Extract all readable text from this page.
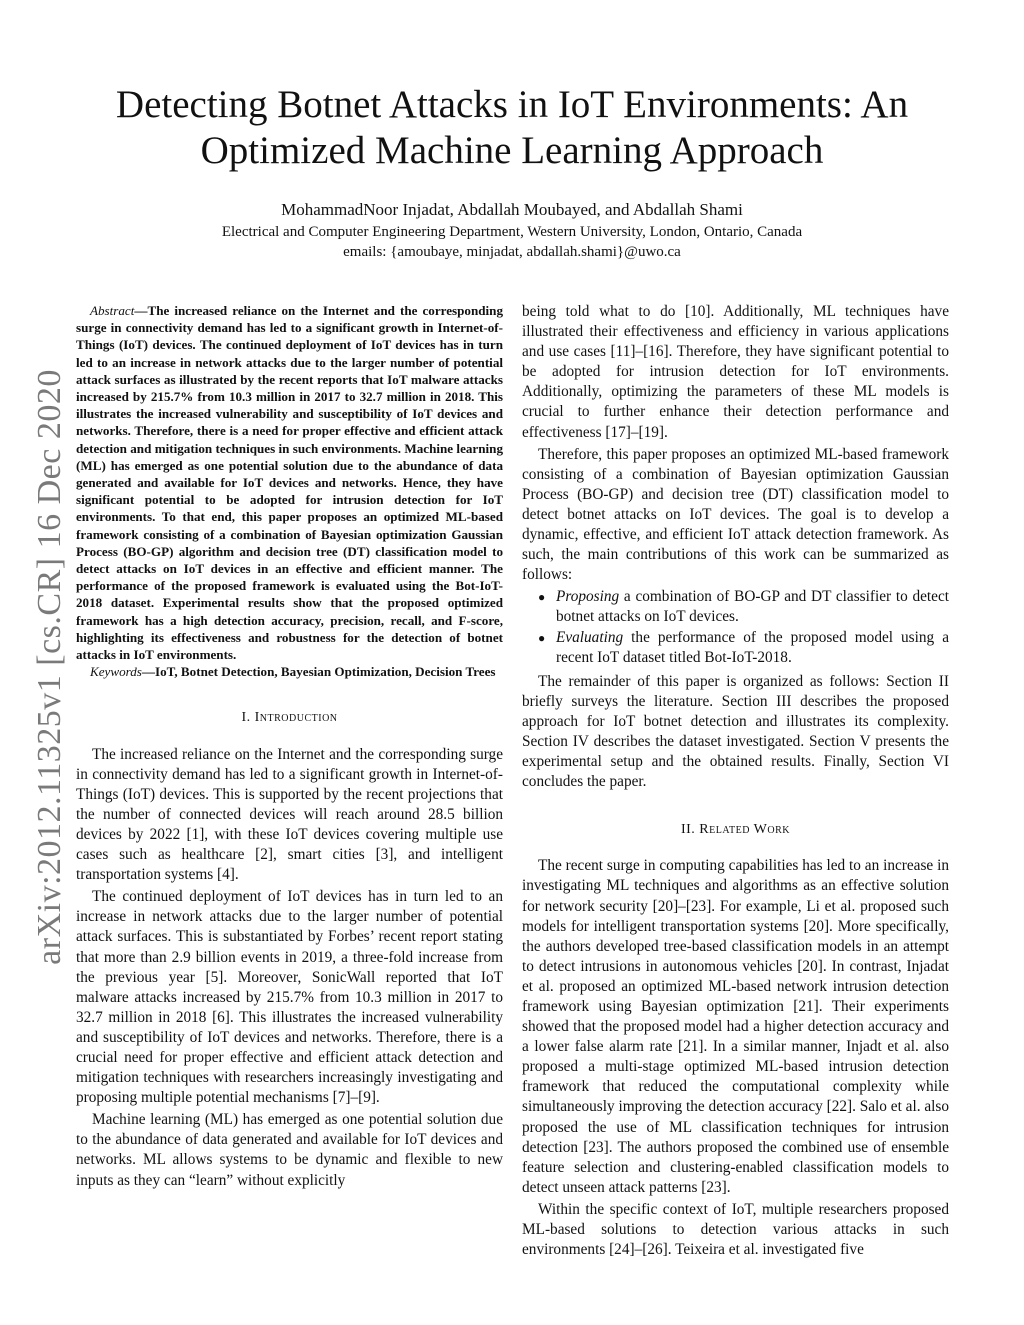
arXiv:2012.11325v1 [cs.CR] 16 Dec 2020
Detecting Botnet Attacks in IoT Environments: An
Optimized Machine Learning Approach
MohammadNoor Injadat, Abdallah Moubayed, and Abdallah Shami
Electrical and Computer Engineering Department, Western University, London, Ontario, Canada
emails: {amoubaye, minjadat, abdallah.shami}@uwo.ca

Abstract—The increased reliance on the Internet and the corresponding surge in connectivity demand has led to a significant growth in Internet-of-Things (IoT) devices. The continued deployment of IoT devices has in turn led to an increase in network attacks due to the larger number of potential attack surfaces as illustrated by the recent reports that IoT malware attacks increased by 215.7% from 10.3 million in 2017 to 32.7 million in 2018. This illustrates the increased vulnerability and susceptibility of IoT devices and networks. Therefore, there is a need for proper effective and efficient attack detection and mitigation techniques in such environments. Machine learning (ML) has emerged as one potential solution due to the abundance of data generated and available for IoT devices and networks. Hence, they have significant potential to be adopted for intrusion detection for IoT environments. To that end, this paper proposes an optimized ML-based framework consisting of a combination of Bayesian optimization Gaussian Process (BO-GP) algorithm and decision tree (DT) classification model to detect attacks on IoT devices in an effective and efficient manner. The performance of the proposed framework is evaluated using the Bot-IoT-2018 dataset. Experimental results show that the proposed optimized framework has a high detection accuracy, precision, recall, and F-score, highlighting its effectiveness and robustness for the detection of botnet attacks in IoT environments.

Keywords—IoT, Botnet Detection, Bayesian Optimization, Decision Trees

I. Introduction

The increased reliance on the Internet and the corresponding surge in connectivity demand has led to a significant growth in Internet-of-Things (IoT) devices. This is supported by the recent projections that the number of connected devices will reach around 28.5 billion devices by 2022 [1], with these IoT devices covering multiple use cases such as healthcare [2], smart cities [3], and intelligent transportation systems [4].

The continued deployment of IoT devices has in turn led to an increase in network attacks due to the larger number of potential attack surfaces. This is substantiated by Forbes’ recent report stating that more than 2.9 billion events in 2019, a three-fold increase from the previous year [5]. Moreover, SonicWall reported that IoT malware attacks increased by 215.7% from 10.3 million in 2017 to 32.7 million in 2018 [6]. This illustrates the increased vulnerability and susceptibility of IoT devices and networks. Therefore, there is a crucial need for proper effective and efficient attack detection and mitigation techniques with researchers increasingly investigating and proposing multiple potential mechanisms [7]–[9].

Machine learning (ML) has emerged as one potential solution due to the abundance of data generated and available for IoT devices and networks. ML allows systems to be dynamic and flexible to new inputs as they can “learn” without explicitly

being told what to do [10]. Additionally, ML techniques have illustrated their effectiveness and efficiency in various applications and use cases [11]–[16]. Therefore, they have significant potential to be adopted for intrusion detection for IoT environments. Additionally, optimizing the parameters of these ML models is crucial to further enhance their detection performance and effectiveness [17]–[19].

Therefore, this paper proposes an optimized ML-based framework consisting of a combination of Bayesian optimization Gaussian Process (BO-GP) and decision tree (DT) classification model to detect botnet attacks on IoT devices. The goal is to develop a dynamic, effective, and efficient IoT attack detection framework. As such, the main contributions of this work can be summarized as follows:

● Proposing a combination of BO-GP and DT classifier to detect botnet attacks on IoT devices.
● Evaluating the performance of the proposed model using a recent IoT dataset titled Bot-IoT-2018.

The remainder of this paper is organized as follows: Section II briefly surveys the literature. Section III describes the proposed approach for IoT botnet detection and illustrates its complexity. Section IV describes the dataset investigated. Section V presents the experimental setup and the obtained results. Finally, Section VI concludes the paper.

II. Related Work

The recent surge in computing capabilities has led to an increase in investigating ML techniques and algorithms as an effective solution for network security [20]–[23]. For example, Li et al. proposed such models for intelligent transportation systems [20]. More specifically, the authors developed tree-based classification models in an attempt to detect intrusions in autonomous vehicles [20]. In contrast, Injadat et al. proposed an optimized ML-based network intrusion detection framework using Bayesian optimization [21]. Their experiments showed that the proposed model had a higher detection accuracy and a lower false alarm rate [21]. In a similar manner, Injadt et al. also proposed a multi-stage optimized ML-based intrusion detection framework that reduced the computational complexity while simultaneously improving the detection accuracy [22]. Salo et al. also proposed the use of ML classification techniques for intrusion detection [23]. The authors proposed the combined use of ensemble feature selection and clustering-enabled classification models to detect unseen attack patterns [23].

Within the specific context of IoT, multiple researchers proposed ML-based solutions to detection various attacks in such environments [24]–[26]. Teixeira et al. investigated five
